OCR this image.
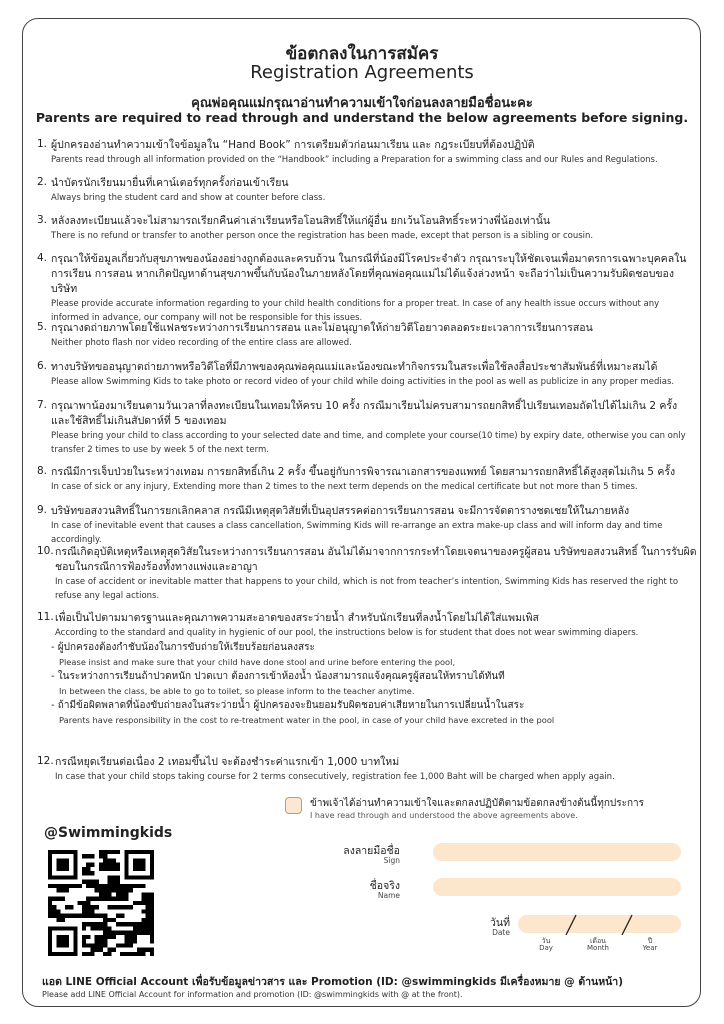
ข้อตกลงในการสมัคร
Registration Agreements
คุณพ่อคุณแม่กรุณาอ่านทำความเข้าใจก่อนลงลายมือชื่อนะคะ
Parents are required to read through and understand the below agreements before signing.
1. ผู้ปกครองอ่านทำความเข้าใจข้อมูลใน “Hand Book” การเตรียมตัวก่อนมาเรียน และ กฎระเบียบที่ต้องปฏิบัติ
Parents read through all information provided on the “Handbook” including a Preparation for a swimming class and our Rules and Regulations.
2. นำบัตรนักเรียนมายื่นที่เคาน์เตอร์ทุกครั้งก่อนเข้าเรียน
Always bring the student card and show at counter before class.
3. หลังลงทะเบียนแล้วจะไม่สามารถเรียกคืนค่าเล่าเรียนหรือโอนสิทธิ์ให้แก่ผู้อื่น ยกเว้นโอนสิทธิ์ระหว่างพี่น้องเท่านั้น
There is no refund or transfer to another person once the registration has been made, except that person is a sibling or cousin.
4. กรุณาให้ข้อมูลเกี่ยวกับสุขภาพของน้องอย่างถูกต้องและครบถ้วน ในกรณีที่น้องมีโรคประจำตัว กรุณาระบุให้ชัดเจนเพื่อมาตรการเฉพาะบุคคลในการเรียน การสอน หากเกิดปัญหาด้านสุขภาพขึ้นกับน้องในภายหลังโดยที่คุณพ่อคุณแม่ไม่ได้แจ้งล่วงหน้า จะถือว่าไม่เป็นความรับผิดชอบของบริษัท
Please provide accurate information regarding to your child health conditions for a proper treat. In case of any health issue occurs without any informed in advance, our company will not be responsible for this issues.
5. กรุณางดถ่ายภาพโดยใช้แฟลชระหว่างการเรียนการสอน และไม่อนุญาตให้ถ่ายวิดีโอยาวตลอดระยะเวลาการเรียนการสอน
Neither photo flash nor video recording of the entire class are allowed.
6. ทางบริษัทขออนุญาตถ่ายภาพหรือวิดีโอที่มีภาพของคุณพ่อคุณแม่และน้องขณะทำกิจกรรมในสระเพื่อใช้ลงสื่อประชาสัมพันธ์ที่เหมาะสมได้
Please allow Swimming Kids to take photo or record video of your child while doing activities in the pool as well as publicize in any proper medias.
7. กรุณาพาน้องมาเรียนตามวันเวลาที่ลงทะเบียนในเทอมให้ครบ 10 ครั้ง กรณีมาเรียนไม่ครบสามารถยกสิทธิ์ไปเรียนเทอมถัดไปได้ไม่เกิน 2 ครั้ง และใช้สิทธิ์ไม่เกินสัปดาห์ที่ 5 ของเทอม
Please bring your child to class according to your selected date and time, and complete your course(10 time) by expiry date, otherwise you can only transfer 2 times to use by week 5 of the next term.
8. กรณีมีการเจ็บป่วยในระหว่างเทอม การยกสิทธิ์เกิน 2 ครั้ง ขึ้นอยู่กับการพิจารณาเอกสารของแพทย์ โดยสามารถยกสิทธิ์ได้สูงสุดไม่เกิน 5 ครั้ง
In case of sick or any injury, Extending more than 2 times to the next term depends on the medical certificate but not more than 5 times.
9. บริษัทขอสงวนสิทธิ์ในการยกเลิกคลาส กรณีมีเหตุสุดวิสัยที่เป็นอุปสรรคต่อการเรียนการสอน จะมีการจัดตารางชดเชยให้ในภายหลัง
In case of inevitable event that causes a class cancellation, Swimming Kids will re-arrange an extra make-up class and will inform day and time accordingly.
10. กรณีเกิดอุบัติเหตุหรือเหตุสุดวิสัยในระหว่างการเรียนการสอน อันไม่ได้มาจากการกระทำโดยเจตนาของครูผู้สอน บริษัทขอสงวนสิทธิ์ ในการรับผิดชอบในกรณีการฟ้องร้องทั้งทางแพ่งและอาญา
In case of accident or inevitable matter that happens to your child, which is not from teacher’s intention, Swimming Kids has reserved the right to refuse any legal actions.
11. เพื่อเป็นไปตามมาตรฐานและคุณภาพความสะอาดของสระว่ายน้ำ สำหรับนักเรียนที่ลงน้ำโดยไม่ได้ใส่แพมเพิส
According to the standard and quality in hygienic of our pool, the instructions below is for student that does not wear swimming diapers.
- ผู้ปกครองต้องกำชับน้องในการขับถ่ายให้เรียบร้อยก่อนลงสระ
Please insist and make sure that your child have done stool and urine before entering the pool,
- ในระหว่างการเรียนถ้าปวดหนัก ปวดเบา ต้องการเข้าห้องน้ำ น้องสามารถแจ้งคุณครูผู้สอนให้ทราบได้ทันที
In between the class, be able to go to toilet, so please inform to the teacher anytime.
- ถ้ามีข้อผิดพลาดที่น้องขับถ่ายลงในสระว่ายน้ำ ผู้ปกครองจะยินยอมรับผิดชอบค่าเสียหายในการเปลี่ยนน้ำในสระ
Parents have responsibility in the cost to re-treatment water in the pool, in case of your child have excreted in the pool
12. กรณีหยุดเรียนต่อเนื่อง 2 เทอมขึ้นไป จะต้องชำระค่าแรกเข้า 1,000 บาทใหม่
In case that your child stops taking course for 2 terms consecutively, registration fee 1,000 Baht will be charged when apply again.
ข้าพเจ้าได้อ่านทำความเข้าใจและตกลงปฏิบัติตามข้อตกลงข้างต้นนี้ทุกประการ
I have read through and understood the above agreements above.
@Swimmingkids
ลงลายมือชื่อ
Sign
ชื่อจริง
Name
วันที่
Date
วัน
Day
เดือน
Month
ปี
Year
แอด LINE Official Account เพื่อรับข้อมูลข่าวสาร และ Promotion (ID: @swimmingkids มีเครื่องหมาย @ ด้านหน้า)
Please add LINE Official Account for information and promotion (ID: @swimmingkids with @ at the front).
